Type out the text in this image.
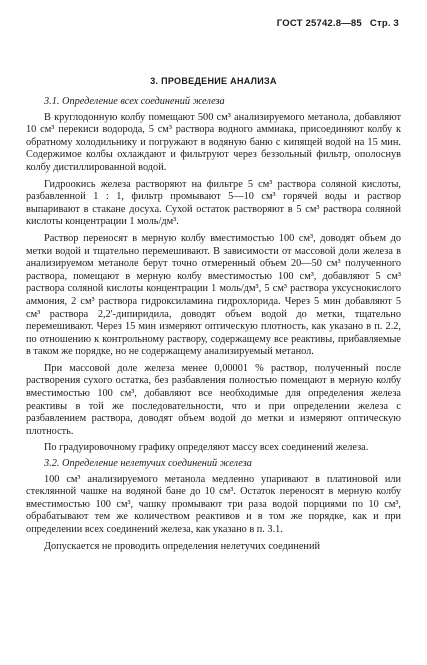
ГОСТ 25742.8—85 Стр. 3
3. ПРОВЕДЕНИЕ АНАЛИЗА
3.1. Определение всех соединений железа

В круглодонную колбу помещают 500 см³ анализируемого метанола, добавляют 10 см³ перекиси водорода, 5 см³ раствора водного аммиака, присоединяют колбу к обратному холодильнику и погружают в водяную баню с кипящей водой на 15 мин. Содержимое колбы охлаждают и фильтруют через беззольный фильтр, ополоснув колбу дистиллированной водой.

Гидроокись железа растворяют на фильтре 5 см³ раствора соляной кислоты, разбавленной 1 : 1, фильтр промывают 5—10 см³ горячей воды и раствор выпаривают в стакане досуха. Сухой остаток растворяют в 5 см³ раствора соляной кислоты концентрации 1 моль/дм³.

Раствор переносят в мерную колбу вместимостью 100 см³, доводят объем до метки водой и тщательно перемешивают. В зависимости от массовой доли железа в анализируемом метаноле берут точно отмеренный объем 20—50 см³ полученного раствора, помещают в мерную колбу вместимостью 100 см³, добавляют 5 см³ раствора соляной кислоты концентрации 1 моль/дм³, 5 см³ раствора уксуснокислого аммония, 2 см³ раствора гидроксиламина гидрохлорида. Через 5 мин добавляют 5 см³ раствора 2,2'-дипиридила, доводят объем водой до метки, тщательно перемешивают. Через 15 мин измеряют оптическую плотность, как указано в п. 2.2, по отношению к контрольному раствору, содержащему все реактивы, прибавляемые в таком же порядке, но не содержащему анализируемый метанол.

При массовой доле железа менее 0,00001 % раствор, полученный после растворения сухого остатка, без разбавления полностью помещают в мерную колбу вместимостью 100 см³, добавляют все необходимые для определения железа реактивы в той же последовательности, что и при определении железа с разбавлением раствора, доводят объем водой до метки и измеряют оптическую плотность.

По градуировочному графику определяют массу всех соединений железа.

3.2. Определение нелетучих соединений железа

100 см³ анализируемого метанола медленно упаривают в платиновой или стеклянной чашке на водяной бане до 10 см³. Остаток переносят в мерную колбу вместимостью 100 см³, чашку промывают три раза водой порциями по 10 см³, обрабатывают тем же количеством реактивов и в том же порядке, как и при определении всех соединений железа, как указано в п. 3.1.

Допускается не проводить определения нелетучих соединений
